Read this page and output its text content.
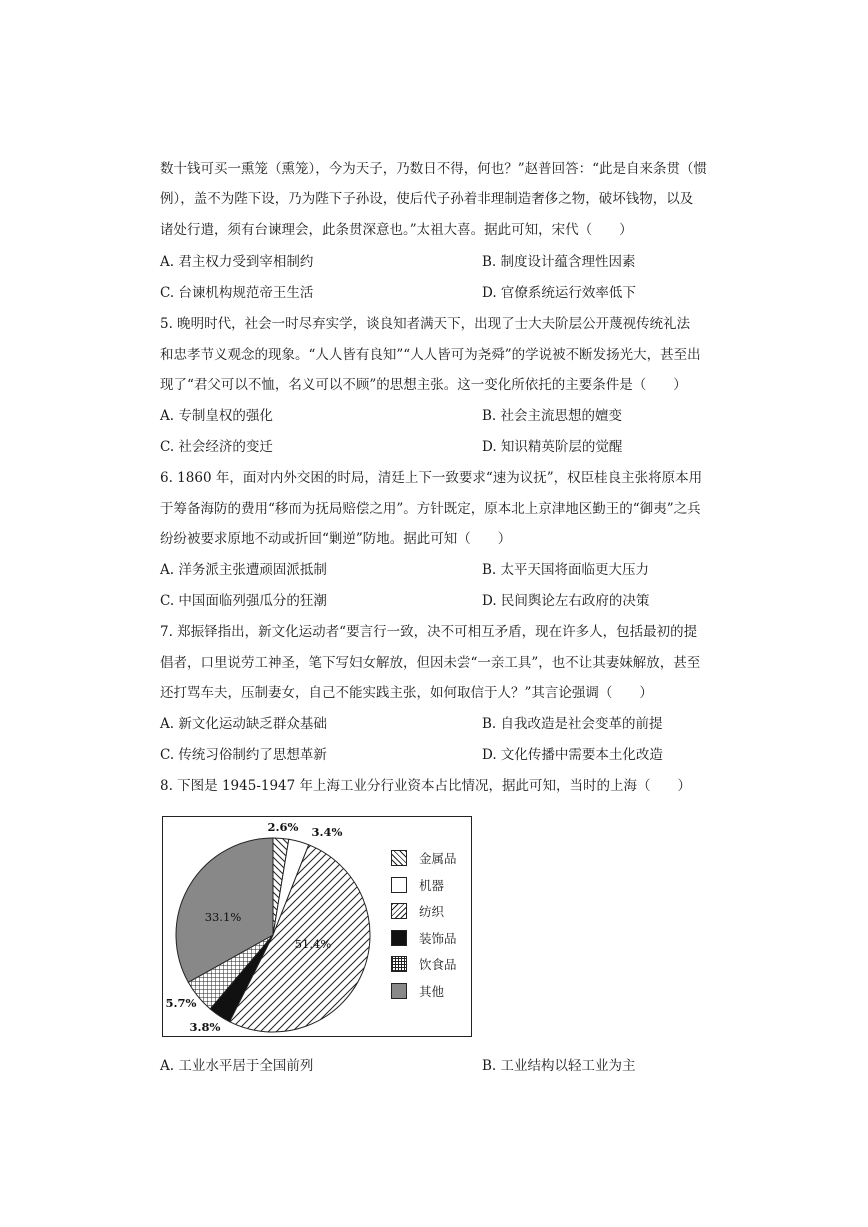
数十钱可买一熏笼（熏笼），今为天子，乃数日不得，何也？”赵普回答：“此是自来条贯（惯
例），盖不为陛下设，乃为陛下子孙设，使后代子孙着非理制造奢侈之物，破坏钱物，以及
诸处行遣，须有台谏理会，此条贯深意也。”太祖大喜。据此可知，宋代（　　）
A. 君主权力受到宰相制约	B. 制度设计蕴含理性因素
C. 台谏机构规范帝王生活	D. 官僚系统运行效率低下
5. 晚明时代，社会一时尽弃实学，谈良知者满天下，出现了士大夫阶层公开蔑视传统礼法
和忠孝节义观念的现象。“人人皆有良知”“人人皆可为尧舜”的学说被不断发扬光大，甚至出
现了“君父可以不恤，名义可以不顾”的思想主张。这一变化所依托的主要条件是（　　）
A. 专制皇权的强化	B. 社会主流思想的嬗变
C. 社会经济的变迁	D. 知识精英阶层的觉醒
6. 1860 年，面对内外交困的时局，清廷上下一致要求“速为议抚”，权臣桂良主张将原本用
于筹备海防的费用“移而为抚局赔偿之用”。方针既定，原本北上京津地区勤王的“御夷”之兵
纷纷被要求原地不动或折回“剿逆”防地。据此可知（　　）
A. 洋务派主张遭顽固派抵制	B. 太平天国将面临更大压力
C. 中国面临列强瓜分的狂潮	D. 民间舆论左右政府的决策
7. 郑振铎指出，新文化运动者“要言行一致，决不可相互矛盾，现在许多人，包括最初的提
倡者，口里说劳工神圣，笔下写妇女解放，但因未尝“一亲工具”，也不让其妻妹解放，甚至
还打骂车夫，压制妻女，自己不能实践主张，如何取信于人？”其言论强调（　　）
A. 新文化运动缺乏群众基础	B. 自我改造是社会变革的前提
C. 传统习俗制约了思想革新	D. 文化传播中需要本土化改造
8. 下图是 1945-1947 年上海工业分行业资本占比情况，据此可知，当时的上海（　　）
2.6% 3.4%
51.4%
3.8%
5.7%
33.1%
金属品
机器
纺织
装饰品
饮食品
其他
A. 工业水平居于全国前列	B. 工业结构以轻工业为主
